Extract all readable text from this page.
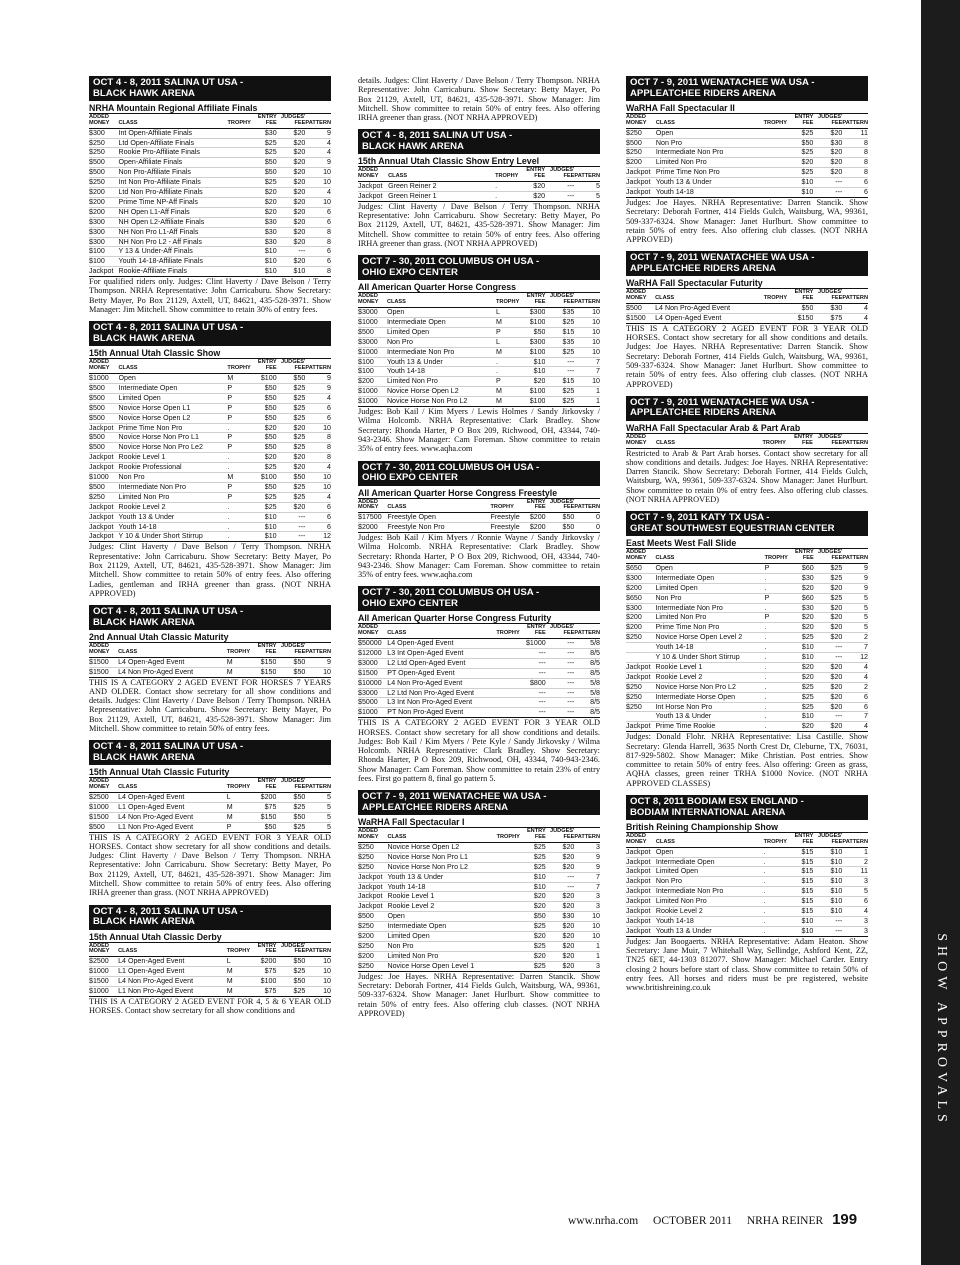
SHOW APPROVALS
OCT 4 - 8, 2011 SALINA UT USA -
BLACK HAWK ARENA
NRHA Mountain Regional Affiliate Finals
ADDED
MONEY	CLASS	TROPHY	ENTRY
FEE	JUDGES'
FEE	PATTERN
$300	Int Open-Affiliate Finals		$30	$20	9
$250	Ltd Open-Affiliate Finals		$25	$20	4
$250	Rookie Pro-Affiliate Finals		$25	$20	4
$500	Open-Affiliate Finals		$50	$20	9
$500	Non Pro-Affiliate Finals		$50	$20	10
$250	Int Non Pro-Affiliate Finals		$25	$20	10
$200	Ltd Non Pro-Affiliate Finals		$20	$20	4
$200	Prime Time NP-Aff Finals		$20	$20	10
$200	NH Open L1-Aff Finals		$20	$20	6
$300	NH Open L2-Affiliate Finals		$30	$20	6
$300	NH Non Pro L1-Aff Finals		$30	$20	8
$300	NH Non Pro L2 - Aff Finals		$30	$20	8
$100	Y 13 & Under-Aff Finals		$10	---	6
$100	Youth 14-18-Affiliate Finals		$10	$20	6
Jackpot	Rookie-Affiliate Finals		$10	$10	8
For qualified riders only. Judges: Clint Haverty / Dave Belson / Terry Thompson. NRHA Representative: John Carricaburu. Show Secretary: Betty Mayer, Po Box 21129, Axtell, UT, 84621, 435-528-3971. Show Manager: Jim Mitchell. Show committee to retain 30% of entry fees.
OCT 4 - 8, 2011 SALINA UT USA -
BLACK HAWK ARENA
15th Annual Utah Classic Show
ADDED
MONEY	CLASS	TROPHY	ENTRY
FEE	JUDGES'
FEE	PATTERN
$1000	Open	M	$100	$50	9
$500	Intermediate Open	P	$50	$25	9
$500	Limited Open	P	$50	$25	4
$500	Novice Horse Open L1	P	$50	$25	6
$500	Novice Horse Open L2	P	$50	$25	6
Jackpot	Prime Time Non Pro	.	$20	$20	10
$500	Novice Horse Non Pro L1	P	$50	$25	8
$500	Novice Horse Non Pro Le2	P	$50	$25	8
Jackpot	Rookie Level 1	.	$20	$20	8
Jackpot	Rookie Professional	.	$25	$20	4
$1000	Non Pro	M	$100	$50	10
$500	Intermediate Non Pro	P	$50	$25	10
$250	Limited Non Pro	P	$25	$25	4
Jackpot	Rookie Level 2	.	$25	$20	6
Jackpot	Youth 13 & Under	.	$10	---	6
Jackpot	Youth 14-18	.	$10	---	6
Jackpot	Y 10 & Under Short Stirrup	.	$10	---	12
Judges: Clint Haverty / Dave Belson / Terry Thompson. NRHA Representative: John Carricaburu. Show Secretary: Betty Mayer, Po Box 21129, Axtell, UT, 84621, 435-528-3971. Show Manager: Jim Mitchell. Show committee to retain 50% of entry fees. Also offering Ladies, gentleman and IRHA greener than grass. (NOT NRHA APPROVED)
OCT 4 - 8, 2011 SALINA UT USA -
BLACK HAWK ARENA
2nd Annual Utah Classic Maturity
ADDED
MONEY	CLASS	TROPHY	ENTRY
FEE	JUDGES'
FEE	PATTERN
$1500	L4 Open-Aged Event	M	$150	$50	9
$1500	L4 Non Pro-Aged Event	M	$150	$50	10
THIS IS A CATEGORY 2 AGED EVENT FOR HORSES 7 YEARS AND OLDER. Contact show secretary for all show conditions and details. Judges: Clint Haverty / Dave Belson / Terry Thompson. NRHA Representative: John Carricaburu. Show Secretary: Betty Mayer, Po Box 21129, Axtell, UT, 84621, 435-528-3971. Show Manager: Jim Mitchell. Show committee to retain 50% of entry fees.
OCT 4 - 8, 2011 SALINA UT USA -
BLACK HAWK ARENA
15th Annual Utah Classic Futurity
ADDED
MONEY	CLASS	TROPHY	ENTRY
FEE	JUDGES'
FEE	PATTERN
$2500	L4 Open-Aged Event	L	$200	$50	5
$1000	L1 Open-Aged Event	M	$75	$25	5
$1500	L4 Non Pro-Aged Event	M	$150	$50	5
$500	L1 Non Pro-Aged Event	P	$50	$25	5
THIS IS A CATEGORY 2 AGED EVENT FOR 3 YEAR OLD HORSES. Contact show secretary for all show conditions and details. Judges: Clint Haverty / Dave Belson / Terry Thompson. NRHA Representative: John Carricaburu. Show Secretary: Betty Mayer, Po Box 21129, Axtell, UT, 84621, 435-528-3971. Show Manager: Jim Mitchell. Show committee to retain 50% of entry fees. Also offering IRHA greener than grass. (NOT NRHA APPROVED)
OCT 4 - 8, 2011 SALINA UT USA -
BLACK HAWK ARENA
15th Annual Utah Classic Derby
ADDED
MONEY	CLASS	TROPHY	ENTRY
FEE	JUDGES'
FEE	PATTERN
$2500	L4 Open-Aged Event	L	$200	$50	10
$1000	L1 Open-Aged Event	M	$75	$25	10
$1500	L4 Non Pro-Aged Event	M	$100	$50	10
$1000	L1 Non Pro-Aged Event	M	$75	$25	10
THIS IS A CATEGORY 2 AGED EVENT FOR 4, 5 & 6 YEAR OLD HORSES. Contact show secretary for all show conditions and
details. Judges: Clint Haverty / Dave Belson / Terry Thompson. NRHA Representative: John Carricaburu. Show Secretary: Betty Mayer, Po Box 21129, Axtell, UT, 84621, 435-528-3971. Show Manager: Jim Mitchell. Show committee to retain 50% of entry fees. Also offering IRHA greener than grass. (NOT NRHA APPROVED)
OCT 4 - 8, 2011 SALINA UT USA -
BLACK HAWK ARENA
15th Annual Utah Classic Show Entry Level
ADDED
MONEY	CLASS	TROPHY	ENTRY
FEE	JUDGES'
FEE	PATTERN
Jackpot	Green Reiner 2	.	$20	---	5
Jackpot	Green Reiner 1	.	$20	---	5
Judges: Clint Haverty / Dave Belson / Terry Thompson. NRHA Representative: John Carricaburu. Show Secretary: Betty Mayer, Po Box 21129, Axtell, UT, 84621, 435-528-3971. Show Manager: Jim Mitchell. Show committee to retain 50% of entry fees. Also offering IRHA greener than grass. (NOT NRHA APPROVED)
OCT 7 - 30, 2011 COLUMBUS OH USA -
OHIO EXPO CENTER
All American Quarter Horse Congress
ADDED
MONEY	CLASS	TROPHY	ENTRY
FEE	JUDGES'
FEE	PATTERN
$3000	Open	L	$300	$35	10
$1000	Intermediate Open	M	$100	$25	10
$500	Limited Open	P	$50	$15	10
$3000	Non Pro	L	$300	$35	10
$1000	Intermediate Non Pro	M	$100	$25	10
$100	Youth 13 & Under	.	$10	---	7
$100	Youth 14-18	.	$10	---	7
$200	Limited Non Pro	P	$20	$15	10
$1000	Novice Horse Open L2	M	$100	$25	1
$1000	Novice Horse Non Pro L2	M	$100	$25	1
Judges: Bob Kail / Kim Myers / Lewis Holmes / Sandy Jirkovsky / Wilma Holcomb. NRHA Representative: Clark Bradley. Show Secretary: Rhonda Harter, P O Box 209, Richwood, OH, 43344, 740-943-2346. Show Manager: Cam Foreman. Show committee to retain 35% of entry fees. www.aqha.com
OCT 7 - 30, 2011 COLUMBUS OH USA -
OHIO EXPO CENTER
All American Quarter Horse Congress Freestyle
ADDED
MONEY	CLASS	TROPHY	ENTRY
FEE	JUDGES'
FEE	PATTERN
$17500	Freestyle Open	Freestyle	$200	$50	0
$2000	Freestyle Non Pro	Freestyle	$200	$50	0
Judges: Bob Kail / Kim Myers / Ronnie Wayne / Sandy Jirkovsky / Wilma Holcomb. NRHA Representative: Clark Bradley. Show Secretary: Rhonda Harter, P O Box 209, Richwood, OH, 43344, 740-943-2346. Show Manager: Cam Foreman. Show committee to retain 35% of entry fees. www.aqha.com
OCT 7 - 30, 2011 COLUMBUS OH USA -
OHIO EXPO CENTER
All American Quarter Horse Congress Futurity
ADDED
MONEY	CLASS	TROPHY	ENTRY
FEE	JUDGES'
FEE	PATTERN
$50000	L4 Open-Aged Event		$1000	---	5/8
$12000	L3 Int Open-Aged Event		---	---	8/5
$3000	L2 Ltd Open-Aged Event		---	---	8/5
$1500	PT Open-Aged Event		---	---	8/5
$10000	L4 Non Pro-Aged Event		$800	---	5/8
$3000	L2 Ltd Non Pro-Aged Event		---	---	5/8
$5000	L3 Int Non Pro-Aged Event		---	---	8/5
$1000	PT Non Pro-Aged Event		---	---	8/5
THIS IS A CATEGORY 2 AGED EVENT FOR 3 YEAR OLD HORSES. Contact show secretary for all show conditions and details. Judges: Bob Kail / Kim Myers / Pete Kyle / Sandy Jirkovsky / Wilma Holcomb. NRHA Representative: Clark Bradley. Show Secretary: Rhonda Harter, P O Box 209, Richwood, OH, 43344, 740-943-2346. Show Manager: Cam Foreman. Show committee to retain 23% of entry fees. First go pattern 8, final go pattern 5.
OCT 7 - 9, 2011 WENATACHEE WA USA -
APPLEATCHEE RIDERS ARENA
WaRHA Fall Spectacular I
ADDED
MONEY	CLASS	TROPHY	ENTRY
FEE	JUDGES'
FEE	PATTERN
$250	Novice Horse Open L2		$25	$20	3
$250	Novice Horse Non Pro L1		$25	$20	9
$250	Novice Horse Non Pro L2		$25	$20	9
Jackpot	Youth 13 & Under		$10	---	7
Jackpot	Youth 14-18		$10	---	7
Jackpot	Rookie Level 1		$20	$20	3
Jackpot	Rookie Level 2		$20	$20	3
$500	Open		$50	$30	10
$250	Intermediate Open		$25	$20	10
$200	Limited Open		$20	$20	10
$250	Non Pro		$25	$20	1
$200	Limited Non Pro		$20	$20	1
$250	Novice Horse Open Level 1		$25	$20	3
Judges: Joe Hayes. NRHA Representative: Darren Stancik. Show Secretary: Deborah Fortner, 414 Fields Gulch, Waitsburg, WA, 99361, 509-337-6324. Show Manager: Janet Hurlburt. Show committee to retain 50% of entry fees. Also offering club classes. (NOT NRHA APPROVED)
OCT 7 - 9, 2011 WENATACHEE WA USA -
APPLEATCHEE RIDERS ARENA
WaRHA Fall Spectacular II
ADDED
MONEY	CLASS	TROPHY	ENTRY
FEE	JUDGES'
FEE	PATTERN
$250	Open		$25	$20	11
$500	Non Pro		$50	$30	8
$250	Intermediate Non Pro		$25	$20	8
$200	Limited Non Pro		$20	$20	8
Jackpot	Prime Time Non Pro		$25	$20	8
Jackpot	Youth 13 & Under		$10	---	6
Jackpot	Youth 14-18		$10	---	6
Judges: Joe Hayes. NRHA Representative: Darren Stancik. Show Secretary: Deborah Fortner, 414 Fields Gulch, Waitsburg, WA, 99361, 509-337-6324. Show Manager: Janet Hurlburt. Show committee to retain 50% of entry fees. Also offering club classes. (NOT NRHA APPROVED)
OCT 7 - 9, 2011 WENATACHEE WA USA -
APPLEATCHEE RIDERS ARENA
WaRHA Fall Spectacular Futurity
ADDED
MONEY	CLASS	TROPHY	ENTRY
FEE	JUDGES'
FEE	PATTERN
$500	L4 Non Pro-Aged Event		$50	$30	4
$1500	L4 Open-Aged Event		$150	$75	4
THIS IS A CATEGORY 2 AGED EVENT FOR 3 YEAR OLD HORSES. Contact show secretary for all show conditions and details. Judges: Joe Hayes. NRHA Representative: Darren Stancik. Show Secretary: Deborah Fortner, 414 Fields Gulch, Waitsburg, WA, 99361, 509-337-6324. Show Manager: Janet Hurlburt. Show committee to retain 50% of entry fees. Also offering club classes. (NOT NRHA APPROVED)
OCT 7 - 9, 2011 WENATACHEE WA USA -
APPLEATCHEE RIDERS ARENA
WaRHA Fall Spectacular Arab & Part Arab
ADDED
MONEY	CLASS	TROPHY	ENTRY
FEE	JUDGES'
FEE	PATTERN
Restricted to Arab & Part Arab horses. Contact show secretary for all show conditions and details. Judges: Joe Hayes. NRHA Representative: Darren Stancik. Show Secretary: Deborah Fortner, 414 Fields Gulch, Waitsburg, WA, 99361, 509-337-6324. Show Manager: Janet Hurlburt. Show committee to retain 0% of entry fees. Also offering club classes. (NOT NRHA APPROVED)
OCT 7 - 9, 2011 KATY TX USA -
GREAT SOUTHWEST EQUESTRIAN CENTER
East Meets West Fall Slide
ADDED
MONEY	CLASS	TROPHY	ENTRY
FEE	JUDGES'
FEE	PATTERN
$650	Open	P	$60	$25	9
$300	Intermediate Open	.	$30	$25	9
$200	Limited Open	.	$20	$20	9
$650	Non Pro	P	$60	$25	5
$300	Intermediate Non Pro	.	$30	$20	5
$200	Limited Non Pro	P	$20	$20	5
$200	Prime Time Non Pro	.	$20	$20	5
$250	Novice Horse Open Level 2	.	$25	$20	2
	Youth 14-18	.	$10	---	7
	Y 10 & Under Short Stirrup	.	$10	---	12
Jackpot	Rookie Level 1	.	$20	$20	4
Jackpot	Rookie Level 2	.	$20	$20	4
$250	Novice Horse Non Pro L2	.	$25	$20	2
$250	Intermediate Horse Open	.	$25	$20	6
$250	Int Horse Non Pro	.	$25	$20	6
	Youth 13 & Under	.	$10	---	7
Jackpot	Prime Time Rookie	.	$20	$20	4
Judges: Donald Flohr. NRHA Representative: Lisa Castille. Show Secretary: Glenda Harrell, 3635 North Crest Dr, Cleburne, TX, 76031, 817-929-5802. Show Manager: Mike Christian. Post entries. Show committee to retain 50% of entry fees. Also offering: Green as grass, AQHA classes, green reiner TRHA $1000 Novice. (NOT NRHA APPROVED CLASSES)
OCT 8, 2011 BODIAM ESX ENGLAND -
BODIAM INTERNATIONAL ARENA
British Reining Championship Show
ADDED
MONEY	CLASS	TROPHY	ENTRY
FEE	JUDGES'
FEE	PATTERN
Jackpot	Open	.	$15	$10	1
Jackpot	Intermediate Open	.	$15	$10	2
Jackpot	Limited Open	.	$15	$10	11
Jackpot	Non Pro	.	$15	$10	3
Jackpot	Intermediate Non Pro	.	$15	$10	5
Jackpot	Limited Non Pro	.	$15	$10	6
Jackpot	Rookie Level 2	.	$15	$10	4
Jackpot	Youth 14-18	.	$10	---	3
Jackpot	Youth 13 & Under	.	$10	---	3
Judges: Jan Boogaerts. NRHA Representative: Adam Heaton. Show Secretary: Jane Muir, 7 Whitehall Way, Sellindge, Ashford Kent, ZZ, TN25 6ET, 44-1303 812077. Show Manager: Michael Carder. Entry closing 2 hours before start of class. Show committee to retain 50% of entry fees. All horses and riders must be pre registered, website www.britishreining.co.uk
www.nrha.com OCTOBER 2011 NRHA REINER 199
